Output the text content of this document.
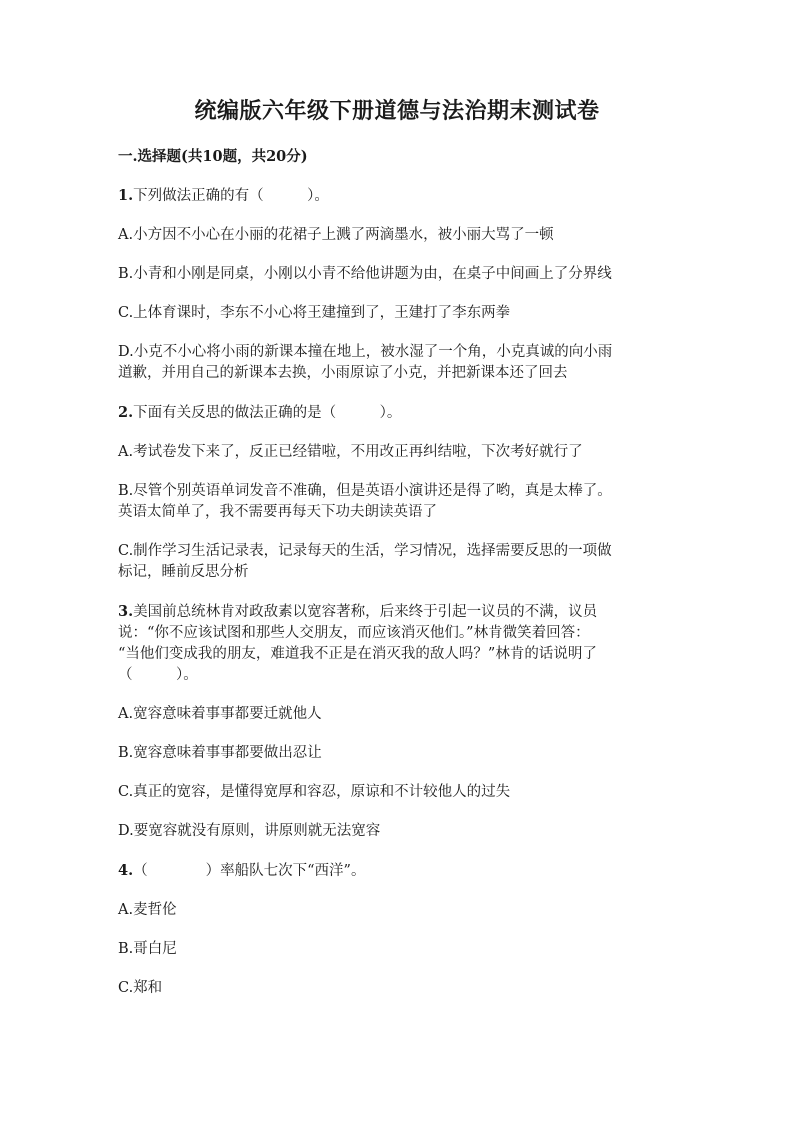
统编版六年级下册道德与法治期末测试卷
一.选择题(共10题，共20分)
1.下列做法正确的有（　　　）。
A.小方因不小心在小丽的花裙子上溅了两滴墨水，被小丽大骂了一顿
B.小青和小刚是同桌，小刚以小青不给他讲题为由，在桌子中间画上了分界线
C.上体育课时，李东不小心将王建撞到了，王建打了李东两拳
D.小克不小心将小雨的新课本撞在地上，被水湿了一个角，小克真诚的向小雨
道歉，并用自己的新课本去换，小雨原谅了小克，并把新课本还了回去
2.下面有关反思的做法正确的是（　　　）。
A.考试卷发下来了，反正已经错啦，不用改正再纠结啦，下次考好就行了
B.尽管个别英语单词发音不准确，但是英语小演讲还是得了哟，真是太棒了。
英语太简单了，我不需要再每天下功夫朗读英语了
C.制作学习生活记录表，记录每天的生活，学习情况，选择需要反思的一项做
标记，睡前反思分析
3.美国前总统林肯对政敌素以宽容著称，后来终于引起一议员的不满，议员
说：“你不应该试图和那些人交朋友，而应该消灭他们。”林肯微笑着回答：
“当他们变成我的朋友，难道我不正是在消灭我的敌人吗？”林肯的话说明了
（　　　）。
A.宽容意味着事事都要迁就他人
B.宽容意味着事事都要做出忍让
C.真正的宽容，是懂得宽厚和容忍，原谅和不计较他人的过失
D.要宽容就没有原则，讲原则就无法宽容
4.（　　　　）率船队七次下“西洋”。
A.麦哲伦
B.哥白尼
C.郑和
